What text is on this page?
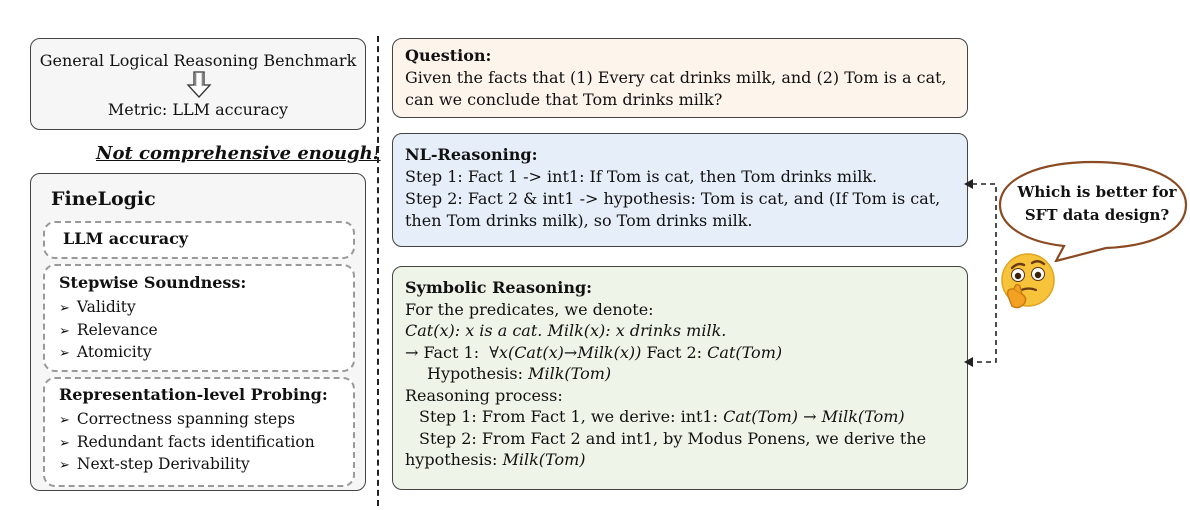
General Logical Reasoning Benchmark
Metric: LLM accuracy
Not comprehensive enough!
FineLogic
LLM accuracy
Stepwise Soundness:
➢ Validity
➢ Relevance
➢ Atomicity
Representation-level Probing:
➢ Correctness spanning steps
➢ Redundant facts identification
➢ Next-step Derivability
Question:
Given the facts that (1) Every cat drinks milk, and (2) Tom is a cat,
can we conclude that Tom drinks milk?
NL-Reasoning:
Step 1: Fact 1 -> int1: If Tom is cat, then Tom drinks milk.
Step 2: Fact 2 & int1 -> hypothesis: Tom is cat, and (If Tom is cat,
then Tom drinks milk), so Tom drinks milk.
Symbolic Reasoning:
For the predicates, we denote:
Cat(x): x is a cat. Milk(x): x drinks milk.
→ Fact 1: ∀x(Cat(x)→Milk(x)) Fact 2: Cat(Tom)
Hypothesis: Milk(Tom)
Reasoning process:
Step 1: From Fact 1, we derive: int1: Cat(Tom) → Milk(Tom)
Step 2: From Fact 2 and int1, by Modus Ponens, we derive the
hypothesis: Milk(Tom)
Which is better for
SFT data design?
